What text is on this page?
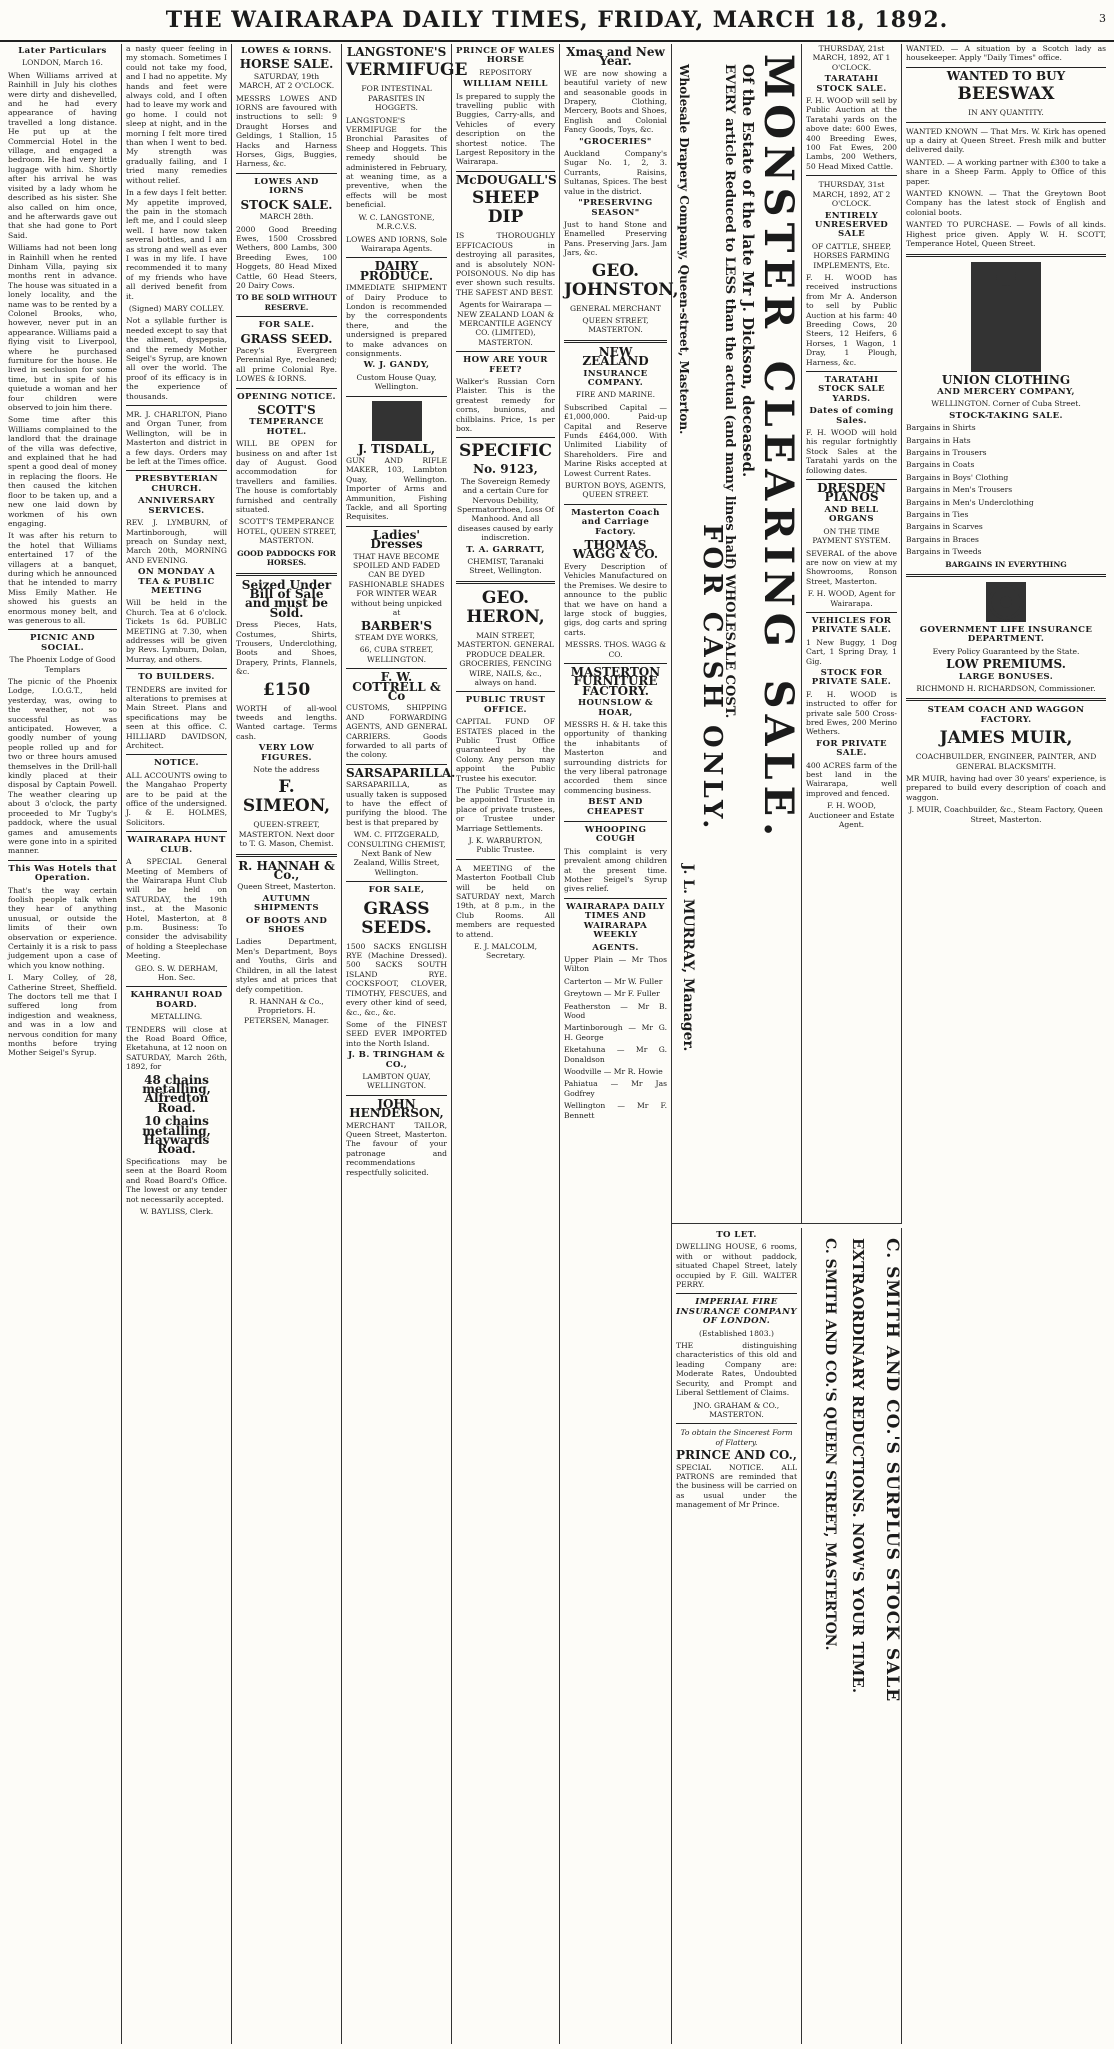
THE WAIRARAPA DAILY TIMES, FRIDAY, MARCH 18, 1892.	3
Later Particulars

LONDON, March 16.

When Williams arrived at Rainhill in July his clothes were dirty and dishevelled, and he had every appearance of having travelled a long distance. He put up at the Commercial Hotel in the village, and engaged a bedroom. He had very little luggage with him. Shortly after his arrival he was visited by a lady whom he described as his sister. She also called on him once, and he afterwards gave out that she had gone to Port Said.

Williams had not been long in Rainhill when he rented Dinham Villa, paying six months rent in advance. The house was situated in a lonely locality, and the name was to be rented by a Colonel Brooks, who, however, never put in an appearance. Williams paid a flying visit to Liverpool, where he purchased furniture for the house. He lived in seclusion for some time, but in spite of his quietude a woman and her four children were observed to join him there.

Some time after this Williams complained to the landlord that the drainage of the villa was defective, and explained that he had spent a good deal of money in replacing the floors. He then caused the kitchen floor to be taken up, and a new one laid down by workmen of his own engaging.

It was after his return to the hotel that Williams entertained 17 of the villagers at a banquet, during which he announced that he intended to marry Miss Emily Mather. He showed his guests an enormous money belt, and was generous to all.

PICNIC AND SOCIAL.

The Phoenix Lodge of Good Templars

The picnic of the Phoenix Lodge, I.O.G.T., held yesterday, was, owing to the weather, not so successful as was anticipated. However, a goodly number of young people rolled up and for two or three hours amused themselves in the Drill-hall kindly placed at their disposal by Captain Powell. The weather clearing up about 3 o'clock, the party proceeded to Mr Tugby's paddock, where the usual games and amusements were gone into in a spirited manner.

This Was Hotels that Operation.

That's the way certain foolish people talk when they hear of anything unusual, or outside the limits of their own observation or experience. Certainly it is a risk to pass judgement upon a case of which you know nothing.

I. Mary Colley, of 28, Catherine Street, Sheffield. The doctors tell me that I suffered long from indigestion and weakness, and was in a low and nervous condition for many months before trying Mother Seigel's Syrup.

a nasty queer feeling in my stomach. Sometimes I could not take my food, and I had no appetite. My hands and feet were always cold, and I often had to leave my work and go home. I could not sleep at night, and in the morning I felt more tired than when I went to bed. My strength was gradually failing, and I tried many remedies without relief.

In a few days I felt better. My appetite improved, the pain in the stomach left me, and I could sleep well. I have now taken several bottles, and I am as strong and well as ever I was in my life. I have recommended it to many of my friends who have all derived benefit from it.

(Signed) MARY COLLEY.

Not a syllable further is needed except to say that the ailment, dyspepsia, and the remedy Mother Seigel's Syrup, are known all over the world. The proof of its efficacy is in the experience of thousands.

MR. J. CHARLTON, Piano and Organ Tuner, from Wellington, will be in Masterton and district in a few days. Orders may be left at the Times office.

PRESBYTERIAN CHURCH.
ANNIVERSARY SERVICES.

REV. J. LYMBURN, of Martinborough, will preach on Sunday next, March 20th, MORNING AND EVENING.

ON MONDAY A TEA & PUBLIC MEETING

Will be held in the Church. Tea at 6 o'clock. Tickets 1s 6d. PUBLIC MEETING at 7.30, when addresses will be given by Revs. Lymburn, Dolan, Murray, and others.

TO BUILDERS.

TENDERS are invited for alterations to premises at Main Street. Plans and specifications may be seen at this office. C. HILLIARD DAVIDSON, Architect.

NOTICE.

ALL ACCOUNTS owing to the Mangahao Property are to be paid at the office of the undersigned. J. & E. HOLMES, Solicitors.

WAIRARAPA HUNT CLUB.

A SPECIAL General Meeting of Members of the Wairarapa Hunt Club will be held on SATURDAY, the 19th inst., at the Masonic Hotel, Masterton, at 8 p.m. Business: To consider the advisability of holding a Steeplechase Meeting.

GEO. S. W. DERHAM, Hon. Sec.

KAHRANUI ROAD BOARD.

METALLING.

TENDERS will close at the Road Board Office, Eketahuna, at 12 noon on SATURDAY, March 26th, 1892, for

48 chains metalling, Alfredton Road.
10 chains metalling, Haywards Road.

Specifications may be seen at the Board Room and Road Board's Office. The lowest or any tender not necessarily accepted.

W. BAYLISS, Clerk.

LOWES & IORNS.
HORSE SALE.

SATURDAY, 19th MARCH, AT 2 O'CLOCK.

MESSRS LOWES AND IORNS are favoured with instructions to sell: 9 Draught Horses and Geldings, 1 Stallion, 15 Hacks and Harness Horses, Gigs, Buggies, Harness, &c.

LOWES AND IORNS
STOCK SALE.

MARCH 28th.

2000 Good Breeding Ewes, 1500 Crossbred Wethers, 800 Lambs, 300 Breeding Ewes, 100 Hoggets, 80 Head Mixed Cattle, 60 Head Steers, 20 Dairy Cows.

TO BE SOLD WITHOUT RESERVE.

FOR SALE.
GRASS SEED.

Pacey's Evergreen Perennial Rye, recleaned; all prime Colonial Rye. LOWES & IORNS.

OPENING NOTICE.
SCOTT'S
TEMPERANCE HOTEL.

WILL BE OPEN for business on and after 1st day of August. Good accommodation for travellers and families. The house is comfortably furnished and centrally situated.

SCOTT'S TEMPERANCE HOTEL, QUEEN STREET, MASTERTON.

GOOD PADDOCKS FOR HORSES.

Seized Under Bill of Sale and must be Sold.

Dress Pieces, Hats, Costumes, Shirts, Trousers, Underclothing, Boots and Shoes, Drapery, Prints, Flannels, &c.

£150

WORTH of all-wool tweeds and lengths. Wanted cartage. Terms cash.

VERY LOW FIGURES.

Note the address

F. SIMEON,

QUEEN-STREET, MASTERTON. Next door to T. G. Mason, Chemist.

R. HANNAH & Co.,

Queen Street, Masterton.

AUTUMN SHIPMENTS
OF BOOTS AND SHOES

Ladies Department, Men's Department, Boys and Youths, Girls and Children, in all the latest styles and at prices that defy competition.

R. HANNAH & Co., Proprietors. H. PETERSEN, Manager.

LANGSTONE'S
VERMIFUGE

FOR INTESTINAL PARASITES IN HOGGETS.

LANGSTONE'S VERMIFUGE for the Bronchial Parasites of Sheep and Hoggets. This remedy should be administered in February, at weaning time, as a preventive, when the effects will be most beneficial.

W. C. LANGSTONE, M.R.C.V.S.

LOWES AND IORNS, Sole Wairarapa Agents.

DAIRY PRODUCE.

IMMEDIATE SHIPMENT of Dairy Produce to London is recommended by the correspondents there, and the undersigned is prepared to make advances on consignments.

W. J. GANDY,

Custom House Quay, Wellington.

J. TISDALL,

GUN AND RIFLE MAKER, 103, Lambton Quay, Wellington. Importer of Arms and Ammunition, Fishing Tackle, and all Sporting Requisites.

Ladies' Dresses

THAT HAVE BECOME SPOILED AND FADED CAN BE DYED FASHIONABLE SHADES FOR WINTER WEAR without being unpicked at

BARBER'S

STEAM DYE WORKS,

66, CUBA STREET, WELLINGTON.

F. W. COTTRELL & Co

CUSTOMS, SHIPPING AND FORWARDING AGENTS, AND GENERAL CARRIERS. Goods forwarded to all parts of the colony.

SARSAPARILLA.

SARSAPARILLA, as usually taken is supposed to have the effect of purifying the blood. The best is that prepared by

WM. C. FITZGERALD, CONSULTING CHEMIST, Next Bank of New Zealand, Willis Street, Wellington.

FOR SALE,
GRASS SEEDS.

1500 SACKS ENGLISH RYE (Machine Dressed). 500 SACKS SOUTH ISLAND RYE. COCKSFOOT, CLOVER, TIMOTHY, FESCUES, and every other kind of seed, &c., &c., &c.

Some of the FINEST SEED EVER IMPORTED into the North Island.

J. B. TRINGHAM & CO.,

LAMBTON QUAY, WELLINGTON.

JOHN HENDERSON,

MERCHANT TAILOR, Queen Street, Masterton. The favour of your patronage and recommendations respectfully solicited.

PRINCE OF WALES HORSE

REPOSITORY

WILLIAM NEILL

Is prepared to supply the travelling public with Buggies, Carry-alls, and Vehicles of every description on the shortest notice. The Largest Repository in the Wairarapa.

McDOUGALL'S
SHEEP DIP

IS THOROUGHLY EFFICACIOUS in destroying all parasites, and is absolutely NON-POISONOUS. No dip has ever shown such results. THE SAFEST AND BEST.

Agents for Wairarapa — NEW ZEALAND LOAN & MERCANTILE AGENCY CO. (LIMITED), MASTERTON.

HOW ARE YOUR FEET?

Walker's Russian Corn Plaister. This is the greatest remedy for corns, bunions, and chilblains. Price, 1s per box.

SPECIFIC
No. 9123,

The Sovereign Remedy and a certain Cure for Nervous Debility, Spermatorrhoea, Loss Of Manhood. And all diseases caused by early indiscretion.

T. A. GARRATT,

CHEMIST, Taranaki Street, Wellington.

GEO. HERON,

MAIN STREET, MASTERTON. GENERAL PRODUCE DEALER. GROCERIES, FENCING WIRE, NAILS, &c., always on hand.

PUBLIC TRUST OFFICE.

CAPITAL FUND OF ESTATES placed in the Public Trust Office guaranteed by the Colony. Any person may appoint the Public Trustee his executor.

The Public Trustee may be appointed Trustee in place of private trustees, or Trustee under Marriage Settlements.

J. K. WARBURTON, Public Trustee.

A MEETING of the Masterton Football Club will be held on SATURDAY next, March 19th, at 8 p.m., in the Club Rooms. All members are requested to attend.

E. J. MALCOLM, Secretary.

Xmas and New Year.

WE are now showing a beautiful variety of new and seasonable goods in Drapery, Clothing, Mercery, Boots and Shoes, English and Colonial Fancy Goods, Toys, &c.

"GROCERIES"

Auckland Company's Sugar No. 1, 2, 3. Currants, Raisins, Sultanas, Spices. The best value in the district.

"PRESERVING SEASON"

Just to hand Stone and Enamelled Preserving Pans. Preserving Jars. Jam Jars, &c.

GEO. JOHNSTON,

GENERAL MERCHANT

QUEEN STREET, MASTERTON.

NEW ZEALAND
INSURANCE COMPANY.

FIRE AND MARINE.

Subscribed Capital — £1,000,000. Paid-up Capital and Reserve Funds £464,000. With Unlimited Liability of Shareholders. Fire and Marine Risks accepted at Lowest Current Rates.

BURTON BOYS, AGENTS, QUEEN STREET.

Masterton Coach and Carriage Factory.
THOMAS WAGG & CO.

Every Description of Vehicles Manufactured on the Premises. We desire to announce to the public that we have on hand a large stock of buggies, gigs, dog carts and spring carts.

MESSRS. THOS. WAGG & CO.

MASTERTON FURNITURE FACTORY.
HOUNSLOW & HOAR,

MESSRS H. & H. take this opportunity of thanking the inhabitants of Masterton and surrounding districts for the very liberal patronage accorded them since commencing business.

BEST AND CHEAPEST
WHOOPING COUGH

This complaint is very prevalent among children at the present time. Mother Seigel's Syrup gives relief.

WAIRARAPA DAILY TIMES AND WAIRARAPA WEEKLY
AGENTS.

Upper Plain — Mr Thos Wilton

Carterton — Mr W. Fuller

Greytown — Mr F. Fuller

Featherston — Mr B. Wood

Martinborough — Mr G. H. George

Eketahuna — Mr G. Donaldson

Woodville — Mr R. Howie

Pahiatua — Mr Jas Godfrey

Wellington — Mr F. Bennett

MONSTER CLEARING SALE.
Of the Estate of the late Mr J. Dickson, deceased.
EVERY article Reduced to LESS than the actual (and many lines half) WHOLESALE COST.
FOR CASH ONLY.
J. L. MURRAY, Manager.
Wholesale Drapery Company, Queen-street, Masterton.
TO LET.

DWELLING HOUSE, 6 rooms, with or without paddock, situated Chapel Street, lately occupied by F. Gill. WALTER PERRY.

IMPERIAL FIRE INSURANCE COMPANY OF LONDON.

(Established 1803.)

THE distinguishing characteristics of this old and leading Company are: Moderate Rates, Undoubted Security, and Prompt and Liberal Settlement of Claims.

JNO. GRAHAM & CO., MASTERTON.

To obtain the Sincerest Form of Flattery.

PRINCE AND CO.,

SPECIAL NOTICE. ALL PATRONS are reminded that the business will be carried on as usual under the management of Mr Prince.	C. SMITH AND CO.'S SURPLUS STOCK SALE
EXTRAORDINARY REDUCTIONS. NOW'S YOUR TIME.
C. SMITH AND CO.'S QUEEN STREET, MASTERTON.

THURSDAY, 21st MARCH, 1892, AT 1 O'CLOCK.

TARATAHI STOCK SALE.

F. H. WOOD will sell by Public Auction at the Taratahi yards on the above date: 600 Ewes, 400 Breeding Ewes, 100 Fat Ewes, 200 Lambs, 200 Wethers, 50 Head Mixed Cattle.

THURSDAY, 31st MARCH, 1892, AT 2 O'CLOCK.

ENTIRELY UNRESERVED SALE

OF CATTLE, SHEEP, HORSES FARMING IMPLEMENTS, Etc.

F. H. WOOD has received instructions from Mr A. Anderson to sell by Public Auction at his farm: 40 Breeding Cows, 20 Steers, 12 Heifers, 6 Horses, 1 Wagon, 1 Dray, 1 Plough, Harness, &c.

TARATAHI STOCK SALE YARDS.
Dates of coming Sales.

F. H. WOOD will hold his regular fortnightly Stock Sales at the Taratahi yards on the following dates.

DRESDEN PIANOS
AND BELL ORGANS

ON THE TIME PAYMENT SYSTEM.

SEVERAL of the above are now on view at my Showrooms, Ronson Street, Masterton.

F. H. WOOD, Agent for Wairarapa.

VEHICLES FOR PRIVATE SALE.

1 New Buggy, 1 Dog Cart, 1 Spring Dray, 1 Gig.

STOCK FOR PRIVATE SALE.

F. H. WOOD is instructed to offer for private sale 500 Cross-bred Ewes, 200 Merino Wethers.

FOR PRIVATE SALE.

400 ACRES farm of the best land in the Wairarapa, well improved and fenced.

F. H. WOOD, Auctioneer and Estate Agent.

WANTED. — A situation by a Scotch lady as housekeeper. Apply "Daily Times" office.

WANTED TO BUY
BEESWAX

IN ANY QUANTITY.

WANTED KNOWN — That Mrs. W. Kirk has opened up a dairy at Queen Street. Fresh milk and butter delivered daily.

WANTED. — A working partner with £300 to take a share in a Sheep Farm. Apply to Office of this paper.

WANTED KNOWN. — That the Greytown Boot Company has the latest stock of English and colonial boots.

WANTED TO PURCHASE. — Fowls of all kinds. Highest price given. Apply W. H. SCOTT, Temperance Hotel, Queen Street.

UNION CLOTHING
AND MERCERY COMPANY,

WELLINGTON. Corner of Cuba Street.

STOCK-TAKING SALE.

Bargains in Shirts

Bargains in Hats

Bargains in Trousers

Bargains in Coats

Bargains in Boys' Clothing

Bargains in Men's Trousers

Bargains in Men's Underclothing

Bargains in Ties

Bargains in Scarves

Bargains in Braces

Bargains in Tweeds

BARGAINS IN EVERYTHING

GOVERNMENT LIFE INSURANCE DEPARTMENT.

Every Policy Guaranteed by the State.

LOW PREMIUMS.
LARGE BONUSES.

RICHMOND H. RICHARDSON, Commissioner.

STEAM COACH AND WAGGON FACTORY.
JAMES MUIR,

COACHBUILDER, ENGINEER, PAINTER, AND GENERAL BLACKSMITH.

MR MUIR, having had over 30 years' experience, is prepared to build every description of coach and waggon.

J. MUIR, Coachbuilder, &c., Steam Factory, Queen Street, Masterton.
